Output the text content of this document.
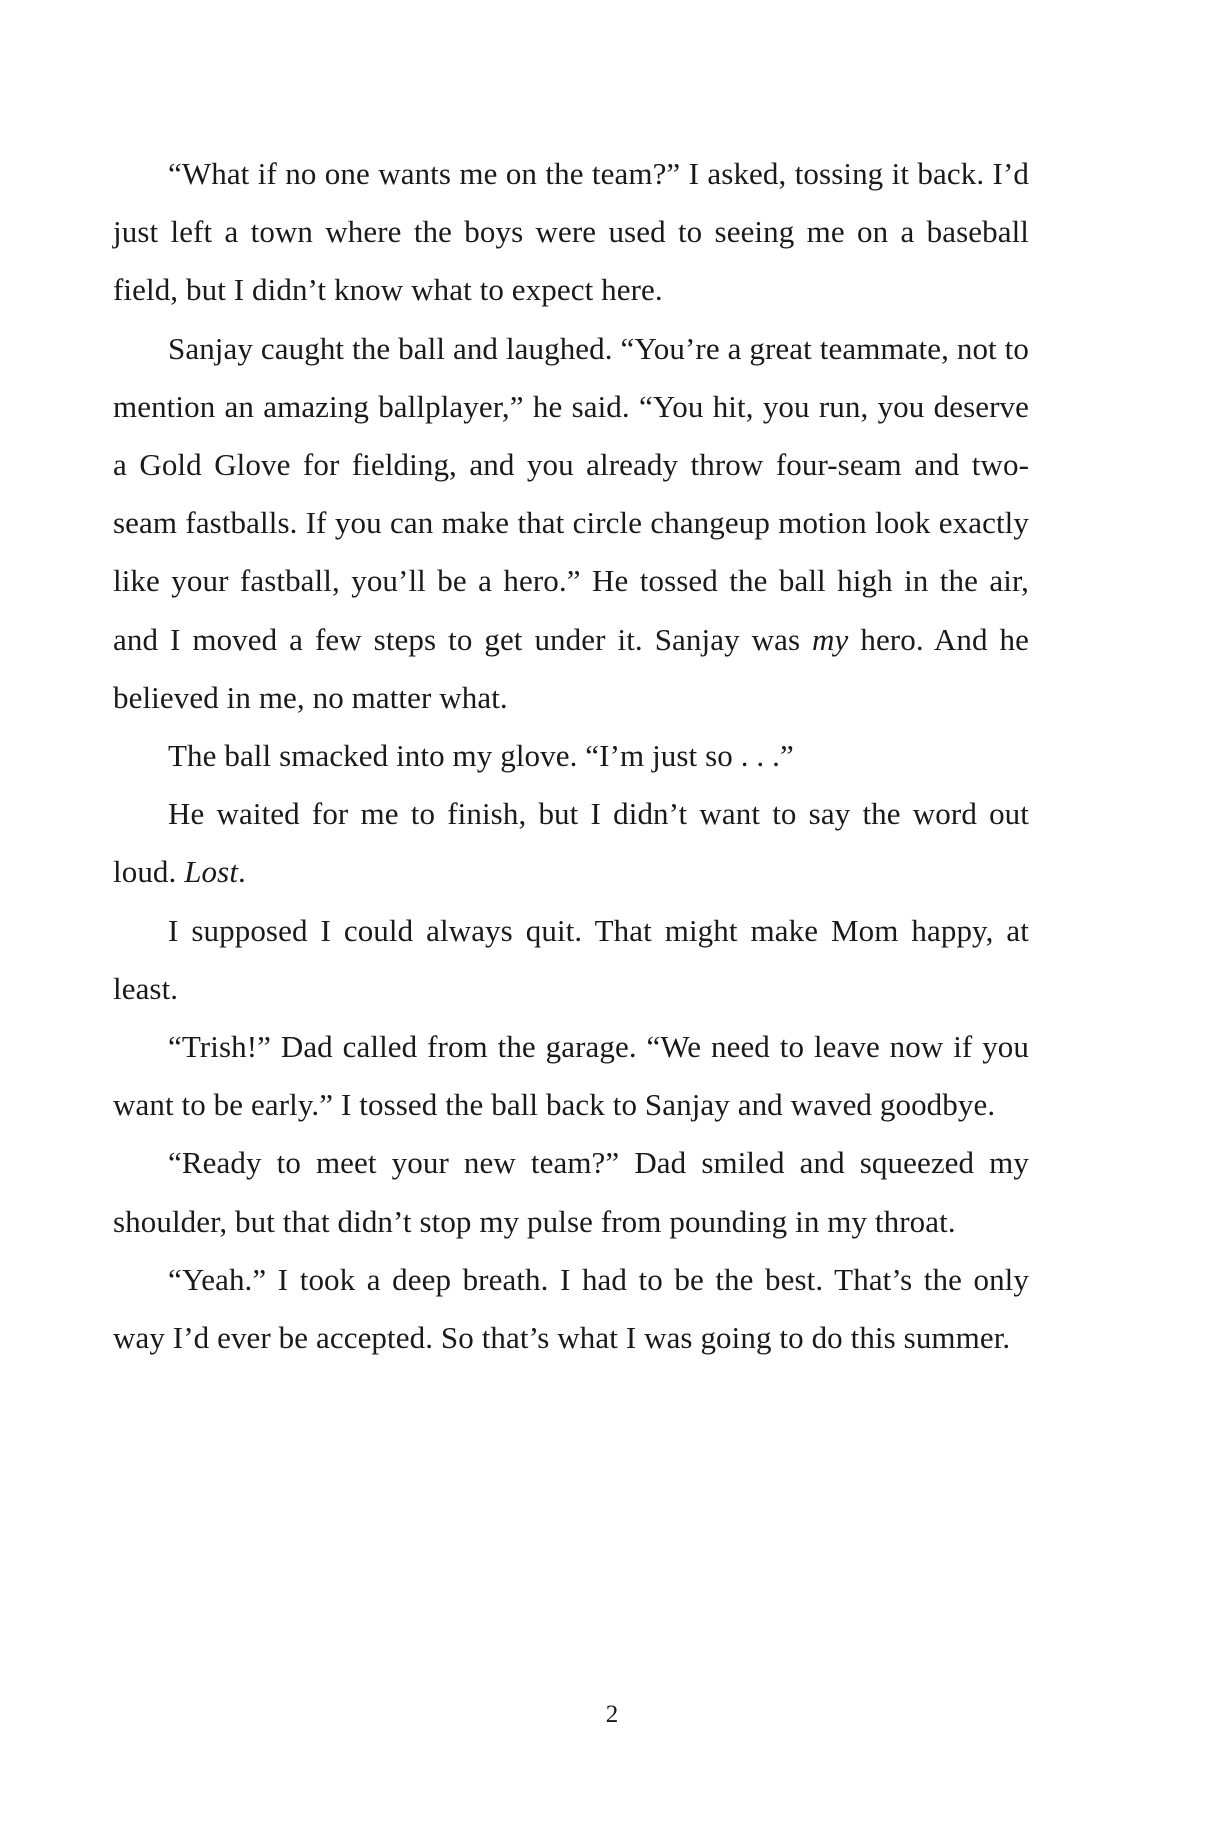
“What if no one wants me on the team?” I asked, tossing it back. I’d just left a town where the boys were used to seeing me on a baseball field, but I didn’t know what to expect here.

Sanjay caught the ball and laughed. “You’re a great teammate, not to mention an amazing ballplayer,” he said. “You hit, you run, you deserve a Gold Glove for fielding, and you already throw four-seam and two-seam fastballs. If you can make that circle changeup motion look exactly like your fastball, you’ll be a hero.” He tossed the ball high in the air, and I moved a few steps to get under it. Sanjay was my hero. And he believed in me, no matter what.

The ball smacked into my glove. “I’m just so . . .”

He waited for me to finish, but I didn’t want to say the word out loud. Lost.

I supposed I could always quit. That might make Mom happy, at least.

“Trish!” Dad called from the garage. “We need to leave now if you want to be early.” I tossed the ball back to Sanjay and waved goodbye.

“Ready to meet your new team?” Dad smiled and squeezed my shoulder, but that didn’t stop my pulse from pounding in my throat.

“Yeah.” I took a deep breath. I had to be the best. That’s the only way I’d ever be accepted. So that’s what I was going to do this summer.

2
